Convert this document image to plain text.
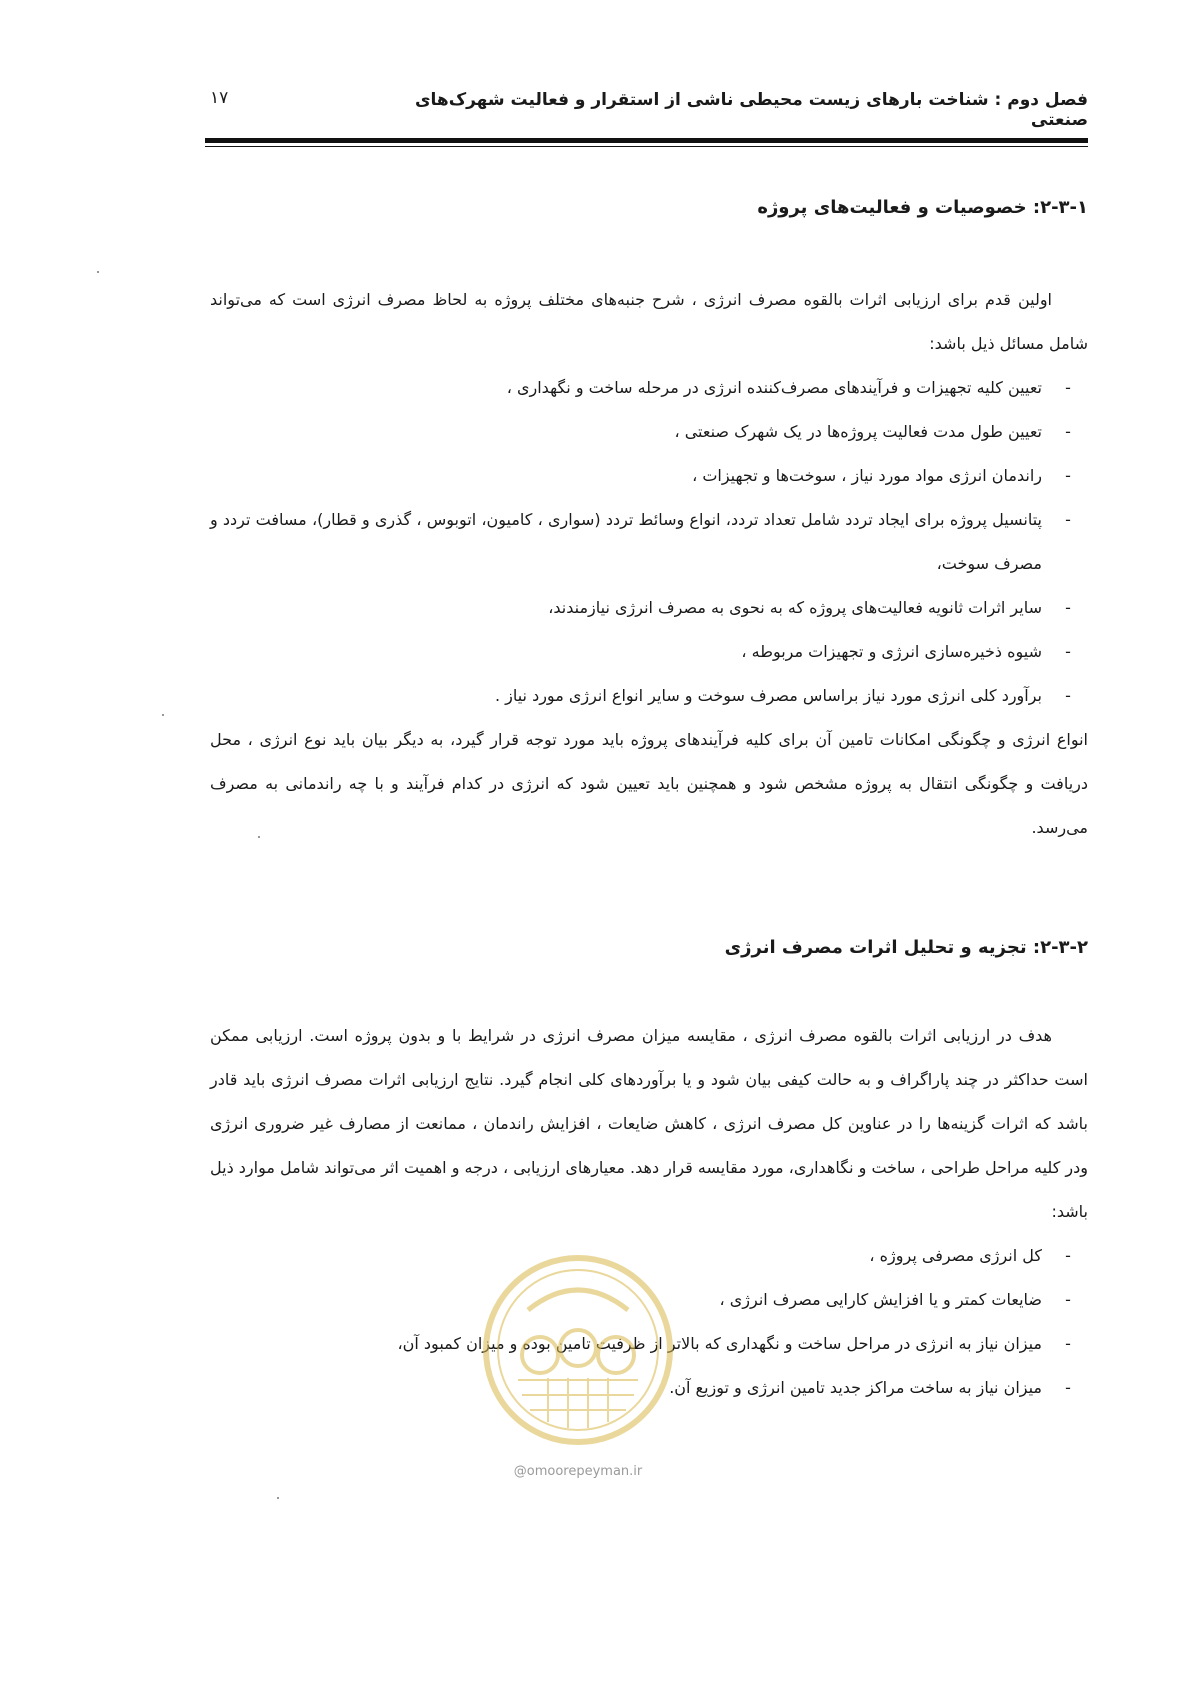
فصل دوم : شناخت بارهای زیست محیطی ناشی از استقرار و فعالیت شهرک‌های صنعتی
۱۷
۲-۳-۱: خصوصیات و فعالیت‌های پروژه

اولین قدم برای ارزیابی اثرات بالقوه مصرف انرژی ، شرح جنبه‌های مختلف پروژه به لحاظ مصرف انرژی است که می‌تواند شامل مسائل ذیل باشد:

-
تعیین کلیه تجهیزات و فرآیندهای مصرف‌کننده انرژی در مرحله ساخت و نگهداری ،
-
تعیین طول مدت فعالیت پروژه‌ها در یک شهرک صنعتی ،
-
راندمان انرژی مواد مورد نیاز ، سوخت‌ها و تجهیزات ،
-
پتانسیل پروژه برای ایجاد تردد شامل تعداد تردد، انواع وسائط تردد (سواری ، کامیون، اتوبوس ، گذری و قطار)، مسافت تردد و مصرف سوخت،
-
سایر اثرات ثانویه فعالیت‌های پروژه که به نحوی به مصرف انرژی نیازمندند،
-
شیوه ذخیره‌سازی انرژی و تجهیزات مربوطه ،
-
برآورد کلی انرژی مورد نیاز براساس مصرف سوخت و سایر انواع انرژی مورد نیاز .

انواع انرژی و چگونگی امکانات تامین آن برای کلیه فرآیندهای پروژه باید مورد توجه قرار گیرد، به دیگر بیان باید نوع انرژی ، محل دریافت و چگونگی انتقال به پروژه مشخص شود و همچنین باید تعیین شود که انرژی در کدام فرآیند و با چه راندمانی به مصرف می‌رسد.

۲-۳-۲: تجزیه و تحلیل اثرات مصرف انرژی

هدف در ارزیابی اثرات بالقوه مصرف انرژی ، مقایسه میزان مصرف انرژی در شرایط با و بدون پروژه است. ارزیابی ممکن است حداکثر در چند پاراگراف و به حالت کیفی بیان شود و یا برآوردهای کلی انجام گیرد. نتایج ارزیابی اثرات مصرف انرژی باید قادر باشد که اثرات گزینه‌ها را در عناوین کل مصرف انرژی ، کاهش ضایعات ، افزایش راندمان ، ممانعت از مصارف غیر ضروری انرژی ودر کلیه مراحل طراحی ، ساخت و نگاهداری، مورد مقایسه قرار دهد. معیارهای ارزیابی ، درجه و اهمیت اثر می‌تواند شامل موارد ذیل باشد:

-
کل انرژی مصرفی پروژه ،
-
ضایعات کمتر و یا افزایش کارایی مصرف انرژی ،
-
میزان نیاز به انرژی در مراحل ساخت و نگهداری که بالاتر از ظرفیت تامین بوده و میزان کمبود آن،
-
میزان نیاز به ساخت مراکز جدید تامین انرژی و توزیع آن.
@omoorepeyman.ir
